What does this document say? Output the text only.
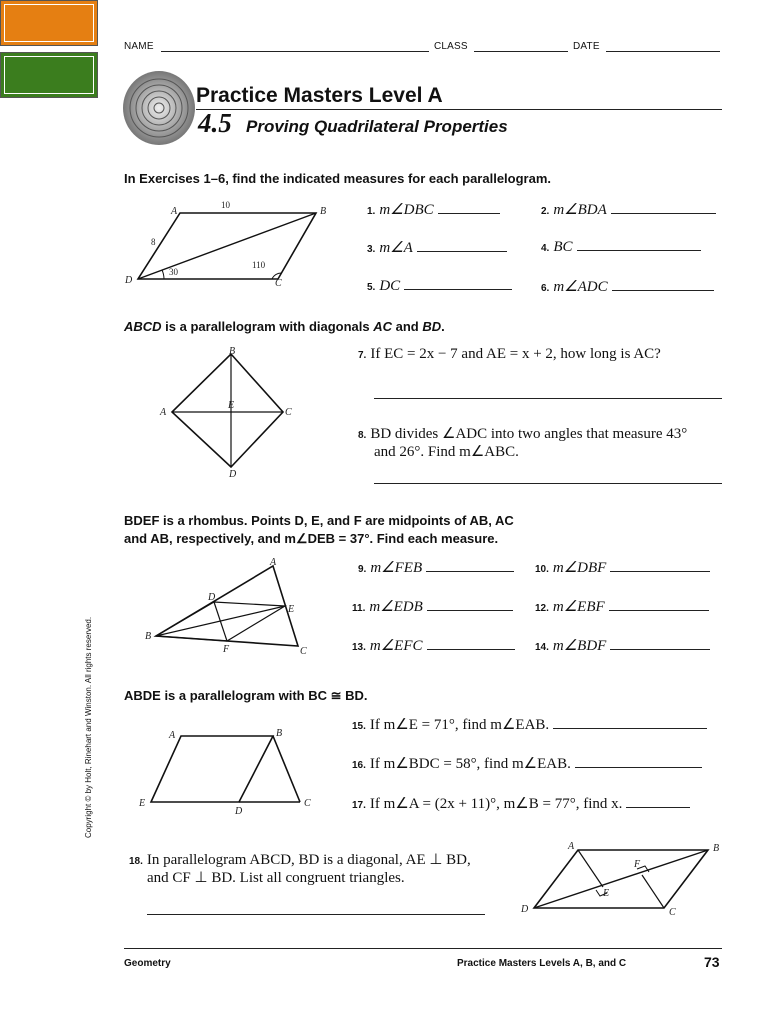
NAME	CLASS	DATE
Practice Masters Level A
4.5 Proving Quadrilateral Properties
Copyright © by Holt, Rinehart and Winston. All rights reserved.
In Exercises 1–6, find the indicated measures for each parallelogram.
A	B
C
D
10
8
30
110
1. m∠DBC	2. m∠BDA
3. m∠A	4. BC
5. DC	6. m∠ADC
ABCD is a parallelogram with diagonals AC and BD.
B
A	C
D
E
7. If EC = 2x − 7 and AE = x + 2, how long is AC?
8. BD divides ∠ADC into two angles that measure 43°
and 26°. Find m∠ABC.
BDEF is a rhombus. Points D, E, and F are midpoints of AB, AC
and AB, respectively, and m∠DEB = 37°. Find each measure.
A
B
C
D
E
F
9. m∠FEB	10. m∠DBF
11. m∠EDB	12. m∠EBF
13. m∠EFC	14. m∠BDF
ABDE is a parallelogram with BC ≅ BD.
A	B
C
D
E
15. If m∠E = 71°, find m∠EAB.
16. If m∠BDC = 58°, find m∠EAB.
17. If m∠A = (2x + 11)°, m∠B = 77°, find x.
18. In parallelogram ABCD, BD is a diagonal, AE ⊥ BD,
and CF ⊥ BD. List all congruent triangles.
A	B
C
D
E
F
Geometry	Practice Masters Levels A, B, and C	73
